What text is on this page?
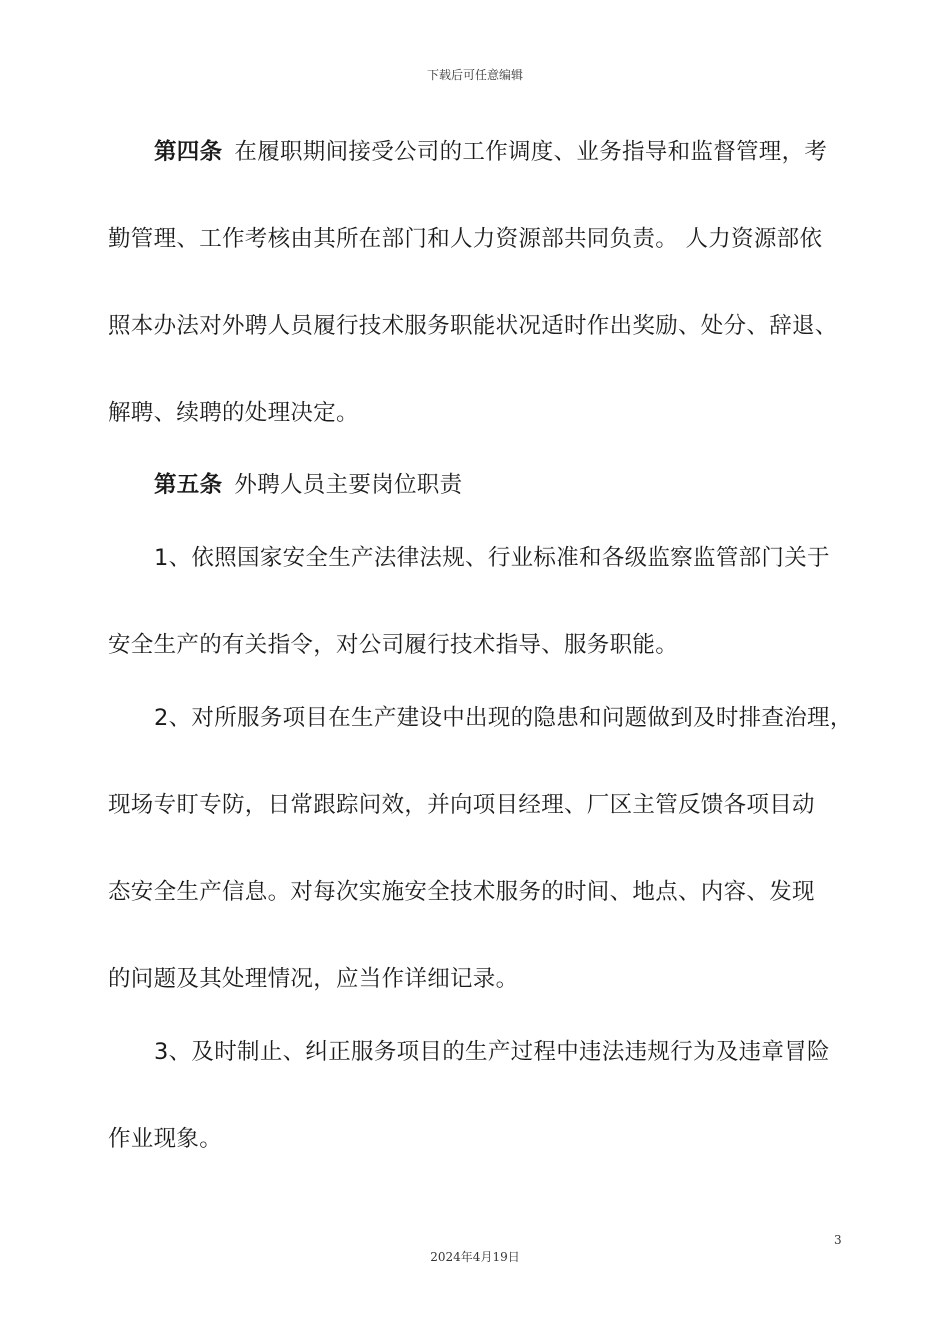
下载后可任意编辑
第四条 在履职期间接受公司的工作调度、业务指导和监督管理，考
勤管理、工作考核由其所在部门和人力资源部共同负责。 人力资源部依
照本办法对外聘人员履行技术服务职能状况适时作出奖励、处分、辞退、
解聘、续聘的处理决定。
第五条 外聘人员主要岗位职责
1、依照国家安全生产法律法规、行业标准和各级监察监管部门关于
安全生产的有关指令，对公司履行技术指导、服务职能。
2、对所服务项目在生产建设中出现的隐患和问题做到及时排查治理，
现场专盯专防，日常跟踪问效，并向项目经理、厂区主管反馈各项目动
态安全生产信息。对每次实施安全技术服务的时间、地点、内容、发现
的问题及其处理情况，应当作详细记录。
3、及时制止、纠正服务项目的生产过程中违法违规行为及违章冒险
作业现象。
3
2024年4月19日
